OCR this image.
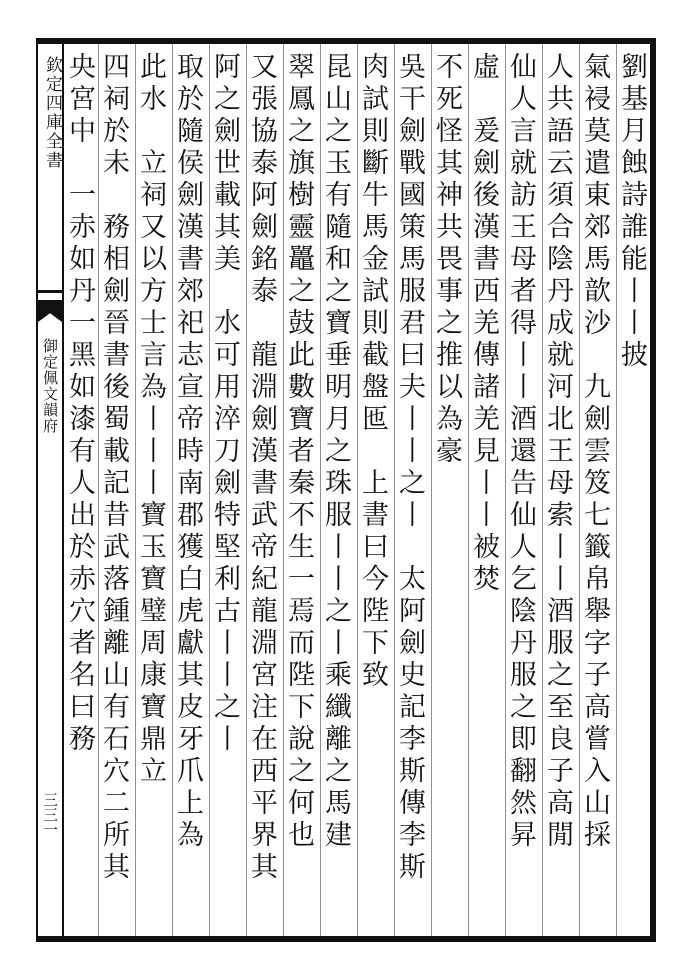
欽定四庫全書
御定佩文韻府
三三一
劉基月蝕詩誰能丨丨披
氣祲莫遣東郊馬歆沙　九劍雲笈七籤帛舉字子高嘗入山採
人共語云須合陰丹成就河北王母索丨丨酒服之至良子高閒
仙人言就訪王母者得丨丨酒還告仙人乞陰丹服之即翻然昇
虛　爰劍後漢書西羌傳諸羌見丨丨被焚
不死怪其神共畏事之推以為豪
吳干劍戰國策馬服君曰夫丨丨之丨　太阿劍史記李斯傳李斯
肉試則斷牛馬金試則截盤匜　上書曰今陛下致
昆山之玉有隨和之寶垂明月之珠服丨丨之丨乘纖離之馬建
翠鳳之旗樹靈鼉之鼓此數寶者秦不生一焉而陛下說之何也
又張協泰阿劍銘泰　龍淵劍漢書武帝紀龍淵宮注在西平界其
阿之劍世載其美　水可用淬刀劍特堅利古丨丨之丨
取於隨侯劍漢書郊祀志宣帝時南郡獲白虎獻其皮牙爪上為
此水　立祠又以方士言為丨丨丨寶玉寶璧周康寶鼎立
四祠於未　務相劍晉書後蜀載記昔武落鍾離山有石穴二所其
央宮中　一赤如丹一黑如漆有人出於赤穴者名曰務
